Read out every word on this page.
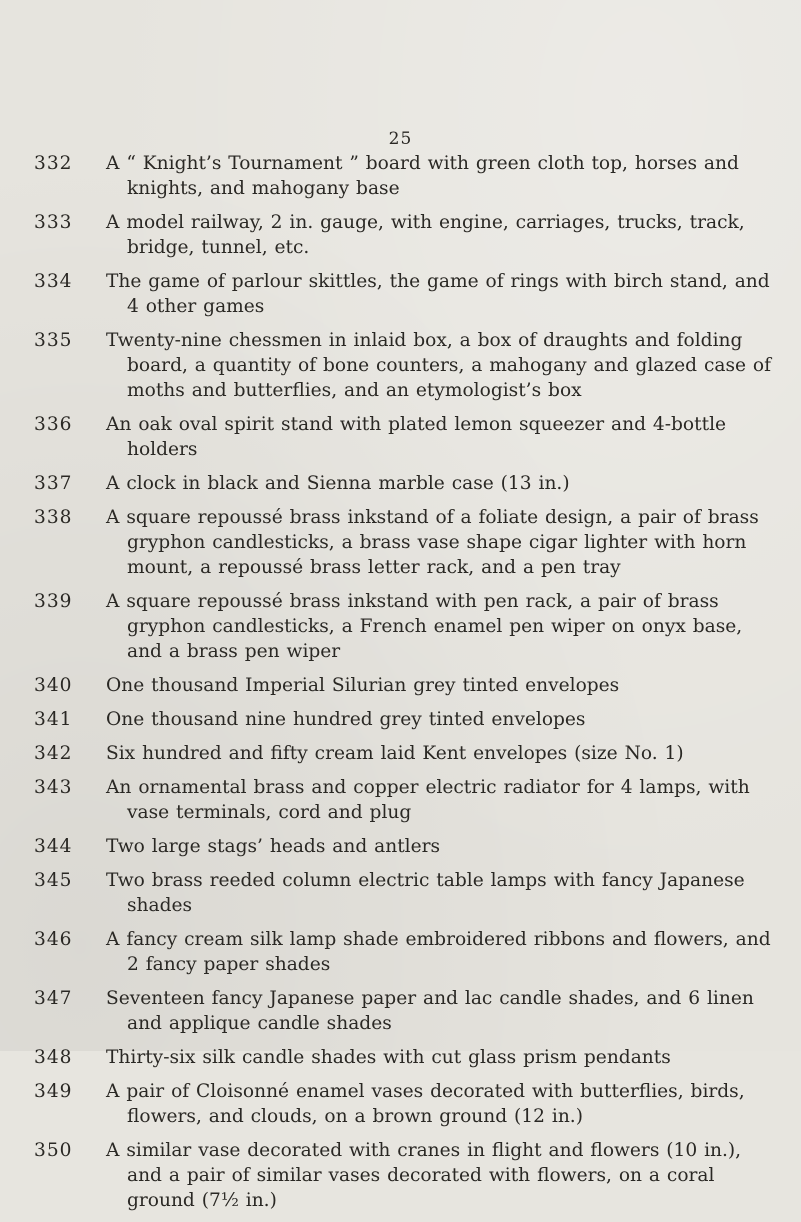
25
332	A “ Knight’s Tournament ” board with green cloth top, horses and knights, and mahogany base
333	A model railway, 2 in. gauge, with engine, carriages, trucks, track, bridge, tunnel, etc.
334	The game of parlour skittles, the game of rings with birch stand, and 4 other games
335	Twenty-nine chessmen in inlaid box, a box of draughts and folding board, a quantity of bone counters, a mahogany and glazed case of moths and butterflies, and an etymologist’s box
336	An oak oval spirit stand with plated lemon squeezer and 4-bottle holders
337	A clock in black and Sienna marble case (13 in.)
338	A square repoussé brass inkstand of a foliate design, a pair of brass gryphon candlesticks, a brass vase shape cigar lighter with horn mount, a repoussé brass letter rack, and a pen tray
339	A square repoussé brass inkstand with pen rack, a pair of brass gryphon candlesticks, a French enamel pen wiper on onyx base, and a brass pen wiper
340	One thousand Imperial Silurian grey tinted envelopes
341	One thousand nine hundred grey tinted envelopes
342	Six hundred and fifty cream laid Kent envelopes (size No. 1)
343	An ornamental brass and copper electric radiator for 4 lamps, with vase terminals, cord and plug
344	Two large stags’ heads and antlers
345	Two brass reeded column electric table lamps with fancy Japanese shades
346	A fancy cream silk lamp shade embroidered ribbons and flowers, and 2 fancy paper shades
347	Seventeen fancy Japanese paper and lac candle shades, and 6 linen and applique candle shades
348	Thirty-six silk candle shades with cut glass prism pendants
349	A pair of Cloisonné enamel vases decorated with butterflies, birds, flowers, and clouds, on a brown ground (12 in.)
350	A similar vase decorated with cranes in flight and flowers (10 in.), and a pair of similar vases decorated with flowers, on a coral ground (7½ in.)
